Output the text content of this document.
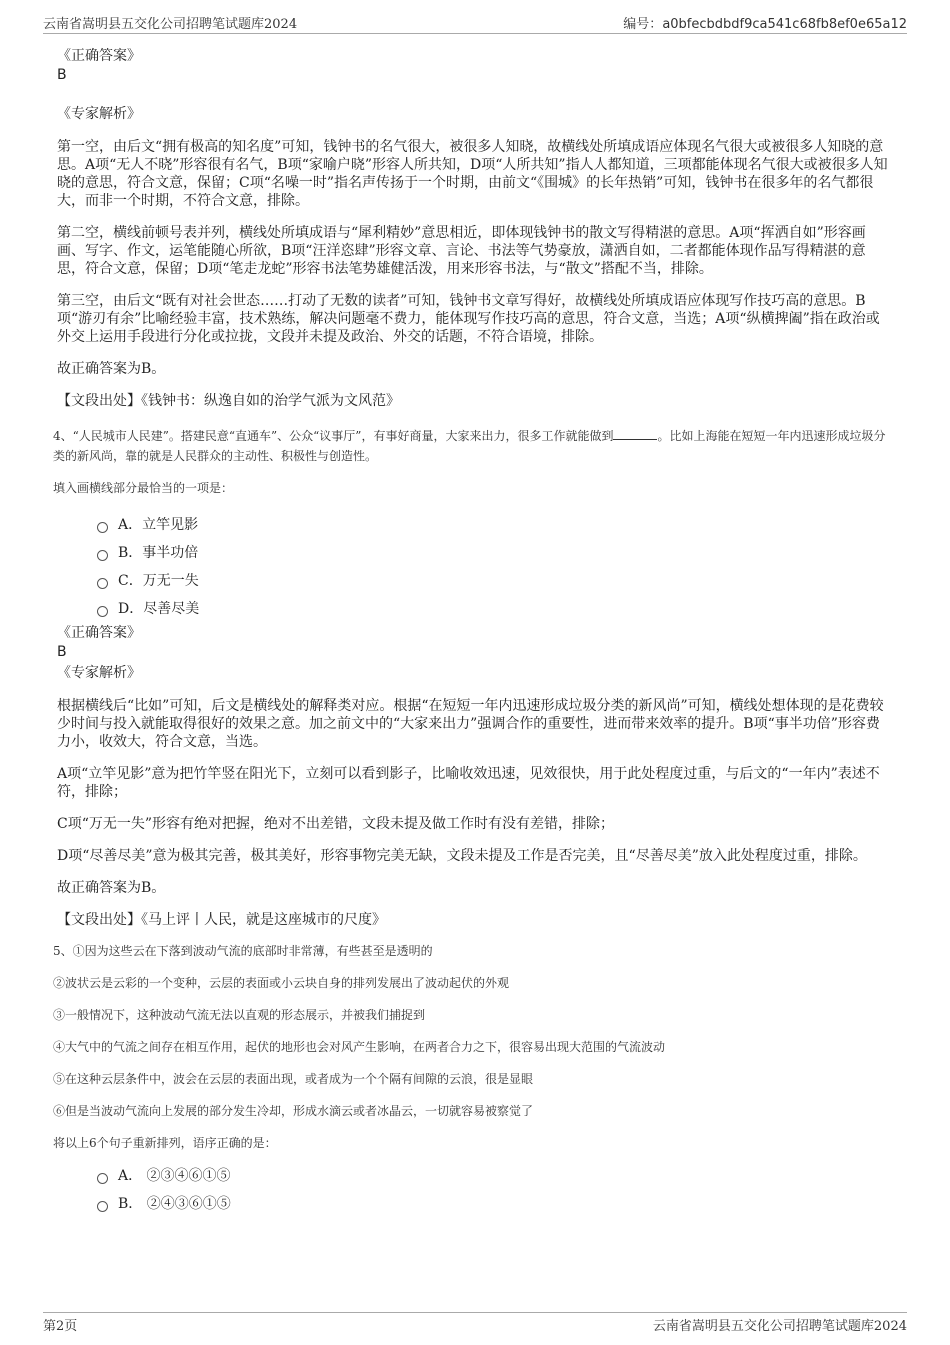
云南省嵩明县五交化公司招聘笔试题库2024	编号：a0bfecbdbdf9ca541c68fb8ef0e65a12
《正确答案》
B
《专家解析》
第一空，由后文“拥有极高的知名度”可知，钱钟书的名气很大，被很多人知晓，故横线处所填成语应体现名气很大或被很多人知晓的意思。A项“无人不晓”形容很有名气，B项“家喻户晓”形容人所共知，D项“人所共知”指人人都知道，三项都能体现名气很大或被很多人知晓的意思，符合文意，保留；C项“名噪一时”指名声传扬于一个时期，由前文“《围城》的长年热销”可知，钱钟书在很多年的名气都很大，而非一个时期，不符合文意，排除。
第二空，横线前顿号表并列，横线处所填成语与“犀利精妙”意思相近，即体现钱钟书的散文写得精湛的意思。A项“挥洒自如”形容画画、写字、作文，运笔能随心所欲，B项“汪洋恣肆”形容文章、言论、书法等气势豪放，潇洒自如，二者都能体现作品写得精湛的意思，符合文意，保留；D项“笔走龙蛇”形容书法笔势雄健活泼，用来形容书法，与“散文”搭配不当，排除。
第三空，由后文“既有对社会世态……打动了无数的读者”可知，钱钟书文章写得好，故横线处所填成语应体现写作技巧高的意思。B项“游刃有余”比喻经验丰富，技术熟练，解决问题毫不费力，能体现写作技巧高的意思，符合文意，当选；A项“纵横捭阖”指在政治或外交上运用手段进行分化或拉拢，文段并未提及政治、外交的话题，不符合语境，排除。
故正确答案为B。
【文段出处】《钱钟书：纵逸自如的治学气派为文风范》
4、“人民城市人民建”。搭建民意“直通车”、公众“议事厅”，有事好商量，大家来出力，很多工作就能做到	。比如上海能在短短一年内迅速形成垃圾分类的新风尚，靠的就是人民群众的主动性、积极性与创造性。
填入画横线部分最恰当的一项是：
A．立竿见影
B．事半功倍
C．万无一失
D．尽善尽美
《正确答案》
B
《专家解析》
根据横线后“比如”可知，后文是横线处的解释类对应。根据“在短短一年内迅速形成垃圾分类的新风尚”可知，横线处想体现的是花费较少时间与投入就能取得很好的效果之意。加之前文中的“大家来出力”强调合作的重要性，进而带来效率的提升。B项“事半功倍”形容费力小，收效大，符合文意，当选。
A项“立竿见影”意为把竹竿竖在阳光下，立刻可以看到影子，比喻收效迅速，见效很快，用于此处程度过重，与后文的“一年内”表述不符，排除；
C项“万无一失”形容有绝对把握，绝对不出差错，文段未提及做工作时有没有差错，排除；
D项“尽善尽美”意为极其完善，极其美好，形容事物完美无缺，文段未提及工作是否完美，且“尽善尽美”放入此处程度过重，排除。
故正确答案为B。
【文段出处】《马上评丨人民，就是这座城市的尺度》
5、①因为这些云在下落到波动气流的底部时非常薄，有些甚至是透明的
②波状云是云彩的一个变种，云层的表面或小云块自身的排列发展出了波动起伏的外观
③一般情况下，这种波动气流无法以直观的形态展示，并被我们捕捉到
④大气中的气流之间存在相互作用，起伏的地形也会对风产生影响，在两者合力之下，很容易出现大范围的气流波动
⑤在这种云层条件中，波会在云层的表面出现，或者成为一个个隔有间隙的云浪，很是显眼
⑥但是当波动气流向上发展的部分发生冷却，形成水滴云或者冰晶云，一切就容易被察觉了
将以上6个句子重新排列，语序正确的是：
A． ②③④⑥①⑤
B． ②④③⑥①⑤
第2页	云南省嵩明县五交化公司招聘笔试题库2024
